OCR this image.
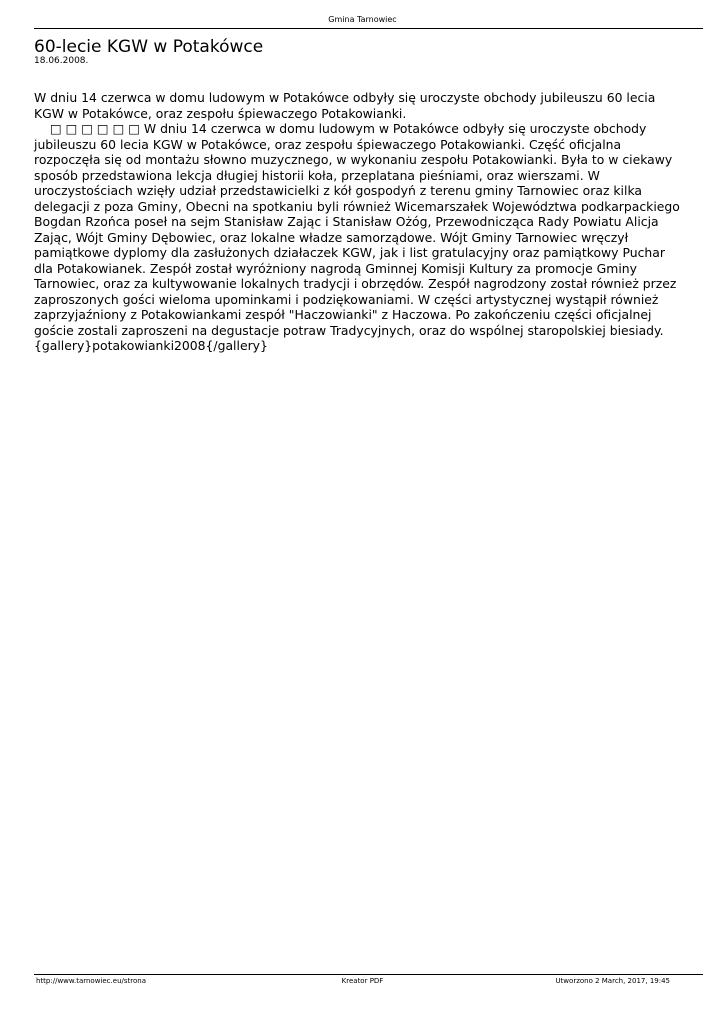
Gmina Tarnowiec
60-lecie KGW w Potakówce
18.06.2008.

W dniu 14 czerwca w domu ludowym w Potakówce odbyły się uroczyste obchody jubileuszu 60 lecia KGW w Potakówce, oraz zespołu śpiewaczego Potakowianki.

□ □ □ □ □ □ W dniu 14 czerwca w domu ludowym w Potakówce odbyły się uroczyste obchody jubileuszu 60 lecia KGW w Potakówce, oraz zespołu śpiewaczego Potakowianki. Część oficjalna rozpoczęła się od montażu słowno muzycznego, w wykonaniu zespołu Potakowianki. Była to w ciekawy sposób przedstawiona lekcja długiej historii koła, przeplatana pieśniami, oraz wierszami. W uroczystościach wzięły udział przedstawicielki z kół gospodyń z terenu gminy Tarnowiec oraz kilka delegacji z poza Gminy, Obecni na spotkaniu byli również Wicemarszałek Województwa podkarpackiego Bogdan Rzońca poseł na sejm Stanisław Zając i Stanisław Ożóg, Przewodnicząca Rady Powiatu Alicja Zając, Wójt Gminy Dębowiec, oraz lokalne władze samorządowe. Wójt Gminy Tarnowiec wręczył pamiątkowe dyplomy dla zasłużonych działaczek KGW, jak i list gratulacyjny oraz pamiątkowy Puchar dla Potakowianek. Zespół został wyróżniony nagrodą Gminnej Komisji Kultury za promocje Gminy Tarnowiec, oraz za kultywowanie lokalnych tradycji i obrzędów. Zespół nagrodzony został również przez zaproszonych gości wieloma upominkami i podziękowaniami. W części artystycznej wystąpił również zaprzyjaźniony z Potakowiankami zespół "Haczowianki" z Haczowa. Po zakończeniu części oficjalnej goście zostali zaproszeni na degustacje potraw Tradycyjnych, oraz do wspólnej staropolskiej biesiady. {gallery}potakowianki2008{/gallery}

http://www.tarnowiec.eu/strona	Kreator PDF	Utworzono 2 March, 2017, 19:45
